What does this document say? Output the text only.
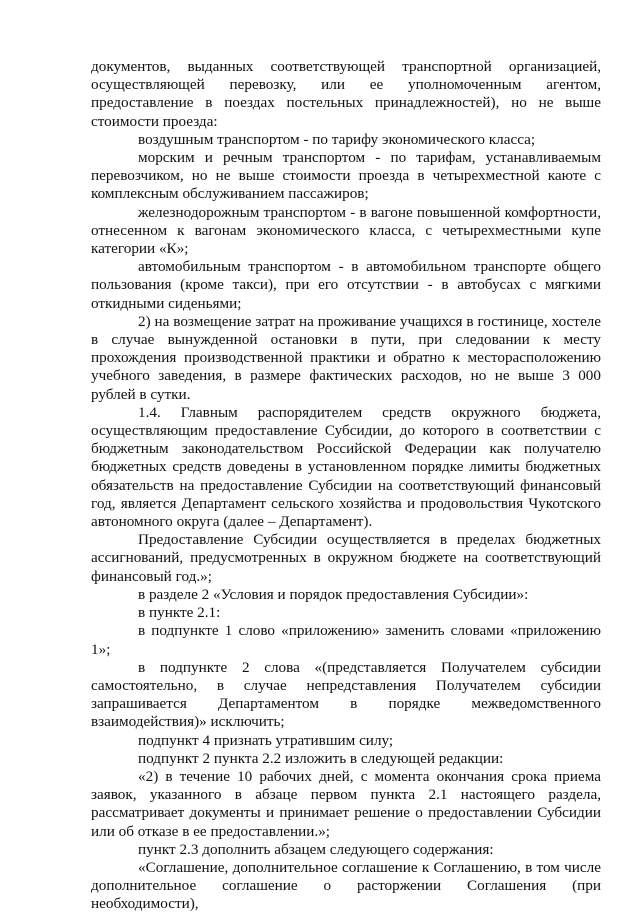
документов, выданных соответствующей транспортной организацией, осуществляющей перевозку, или ее уполномоченным агентом, предоставление в поездах постельных принадлежностей), но не выше стоимости проезда:

воздушным транспортом - по тарифу экономического класса;

морским и речным транспортом - по тарифам, устанавливаемым перевозчиком, но не выше стоимости проезда в четырехместной каюте с комплексным обслуживанием пассажиров;

железнодорожным транспортом - в вагоне повышенной комфортности, отнесенном к вагонам экономического класса, с четырехместными купе категории «К»;

автомобильным транспортом - в автомобильном транспорте общего пользования (кроме такси), при его отсутствии - в автобусах с мягкими откидными сиденьями;

2) на возмещение затрат на проживание учащихся в гостинице, хостеле в случае вынужденной остановки в пути, при следовании к месту прохождения производственной практики и обратно к месторасположению учебного заведения, в размере фактических расходов, но не выше 3 000 рублей в сутки.

1.4. Главным распорядителем средств окружного бюджета, осуществляющим предоставление Субсидии, до которого в соответствии с бюджетным законодательством Российской Федерации как получателю бюджетных средств доведены в установленном порядке лимиты бюджетных обязательств на предоставление Субсидии на соответствующий финансовый год, является Департамент сельского хозяйства и продовольствия Чукотского автономного округа (далее – Департамент).

Предоставление Субсидии осуществляется в пределах бюджетных ассигнований, предусмотренных в окружном бюджете на соответствующий финансовый год.»;

в разделе 2 «Условия и порядок предоставления Субсидии»:

в пункте 2.1:

в подпункте 1 слово «приложению» заменить словами «приложению 1»;

в подпункте 2 слова «(представляется Получателем субсидии самостоятельно, в случае непредставления Получателем субсидии запрашивается Департаментом в порядке межведомственного взаимодействия)» исключить;

подпункт 4 признать утратившим силу;

подпункт 2 пункта 2.2 изложить в следующей редакции:

«2) в течение 10 рабочих дней, с момента окончания срока приема заявок, указанного в абзаце первом пункта 2.1 настоящего раздела, рассматривает документы и принимает решение о предоставлении Субсидии или об отказе в ее предоставлении.»;

пункт 2.3 дополнить абзацем следующего содержания:

«Соглашение, дополнительное соглашение к Соглашению, в том числе дополнительное соглашение о расторжении Соглашения (при необходимости),
